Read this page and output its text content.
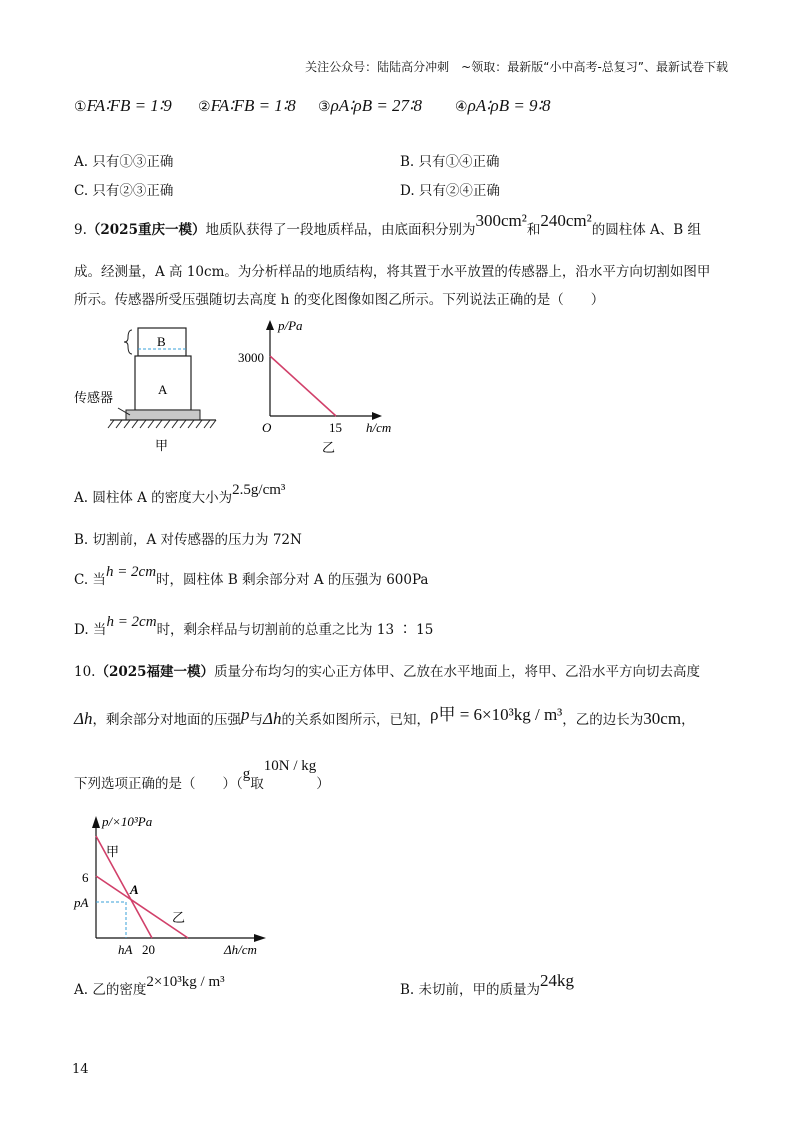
关注公众号：陆陆高分冲刺　~领取：最新版“小中高考-总复习”、最新试卷下载
①FA∶FB = 1∶9 ②FA∶FB = 1∶8 ③ρA∶ρB = 27∶8 ④ρA∶ρB = 9∶8
A. 只有①③正确	B. 只有①④正确
C. 只有②③正确	D. 只有②④正确
9.（2025重庆一模）地质队获得了一段地质样品，由底面积分别为300cm²和240cm²的圆柱体 A、B 组
成。经测量，A 高 10cm。为分析样品的地质结构，将其置于水平放置的传感器上，沿水平方向切割如图甲
所示。传感器所受压强随切去高度 h 的变化图像如图乙所示。下列说法正确的是（　　）
B
A
传感器
甲
p/Pa
3000
O	15 h/cm
乙
A. 圆柱体 A 的密度大小为2.5g/cm³
B. 切割前，A 对传感器的压力为 72N
C. 当h = 2cm时，圆柱体 B 剩余部分对 A 的压强为 600Pa
D. 当h = 2cm时，剩余样品与切割前的总重之比为 13 ∶ 15
10.（2025福建一模）质量分布均匀的实心正方体甲、乙放在水平地面上，将甲、乙沿水平方向切去高度
Δh，剩余部分对地面的压强p与Δh的关系如图所示，已知，ρ甲 = 6×10³kg / m³，乙的边长为30cm，
下列选项正确的是（　　）（g取10N / kg）
p/×10³Pa
6
pA
A
甲
乙
hA 20	Δh/cm
A. 乙的密度2×10³kg / m³	B. 未切前，甲的质量为24kg
14
